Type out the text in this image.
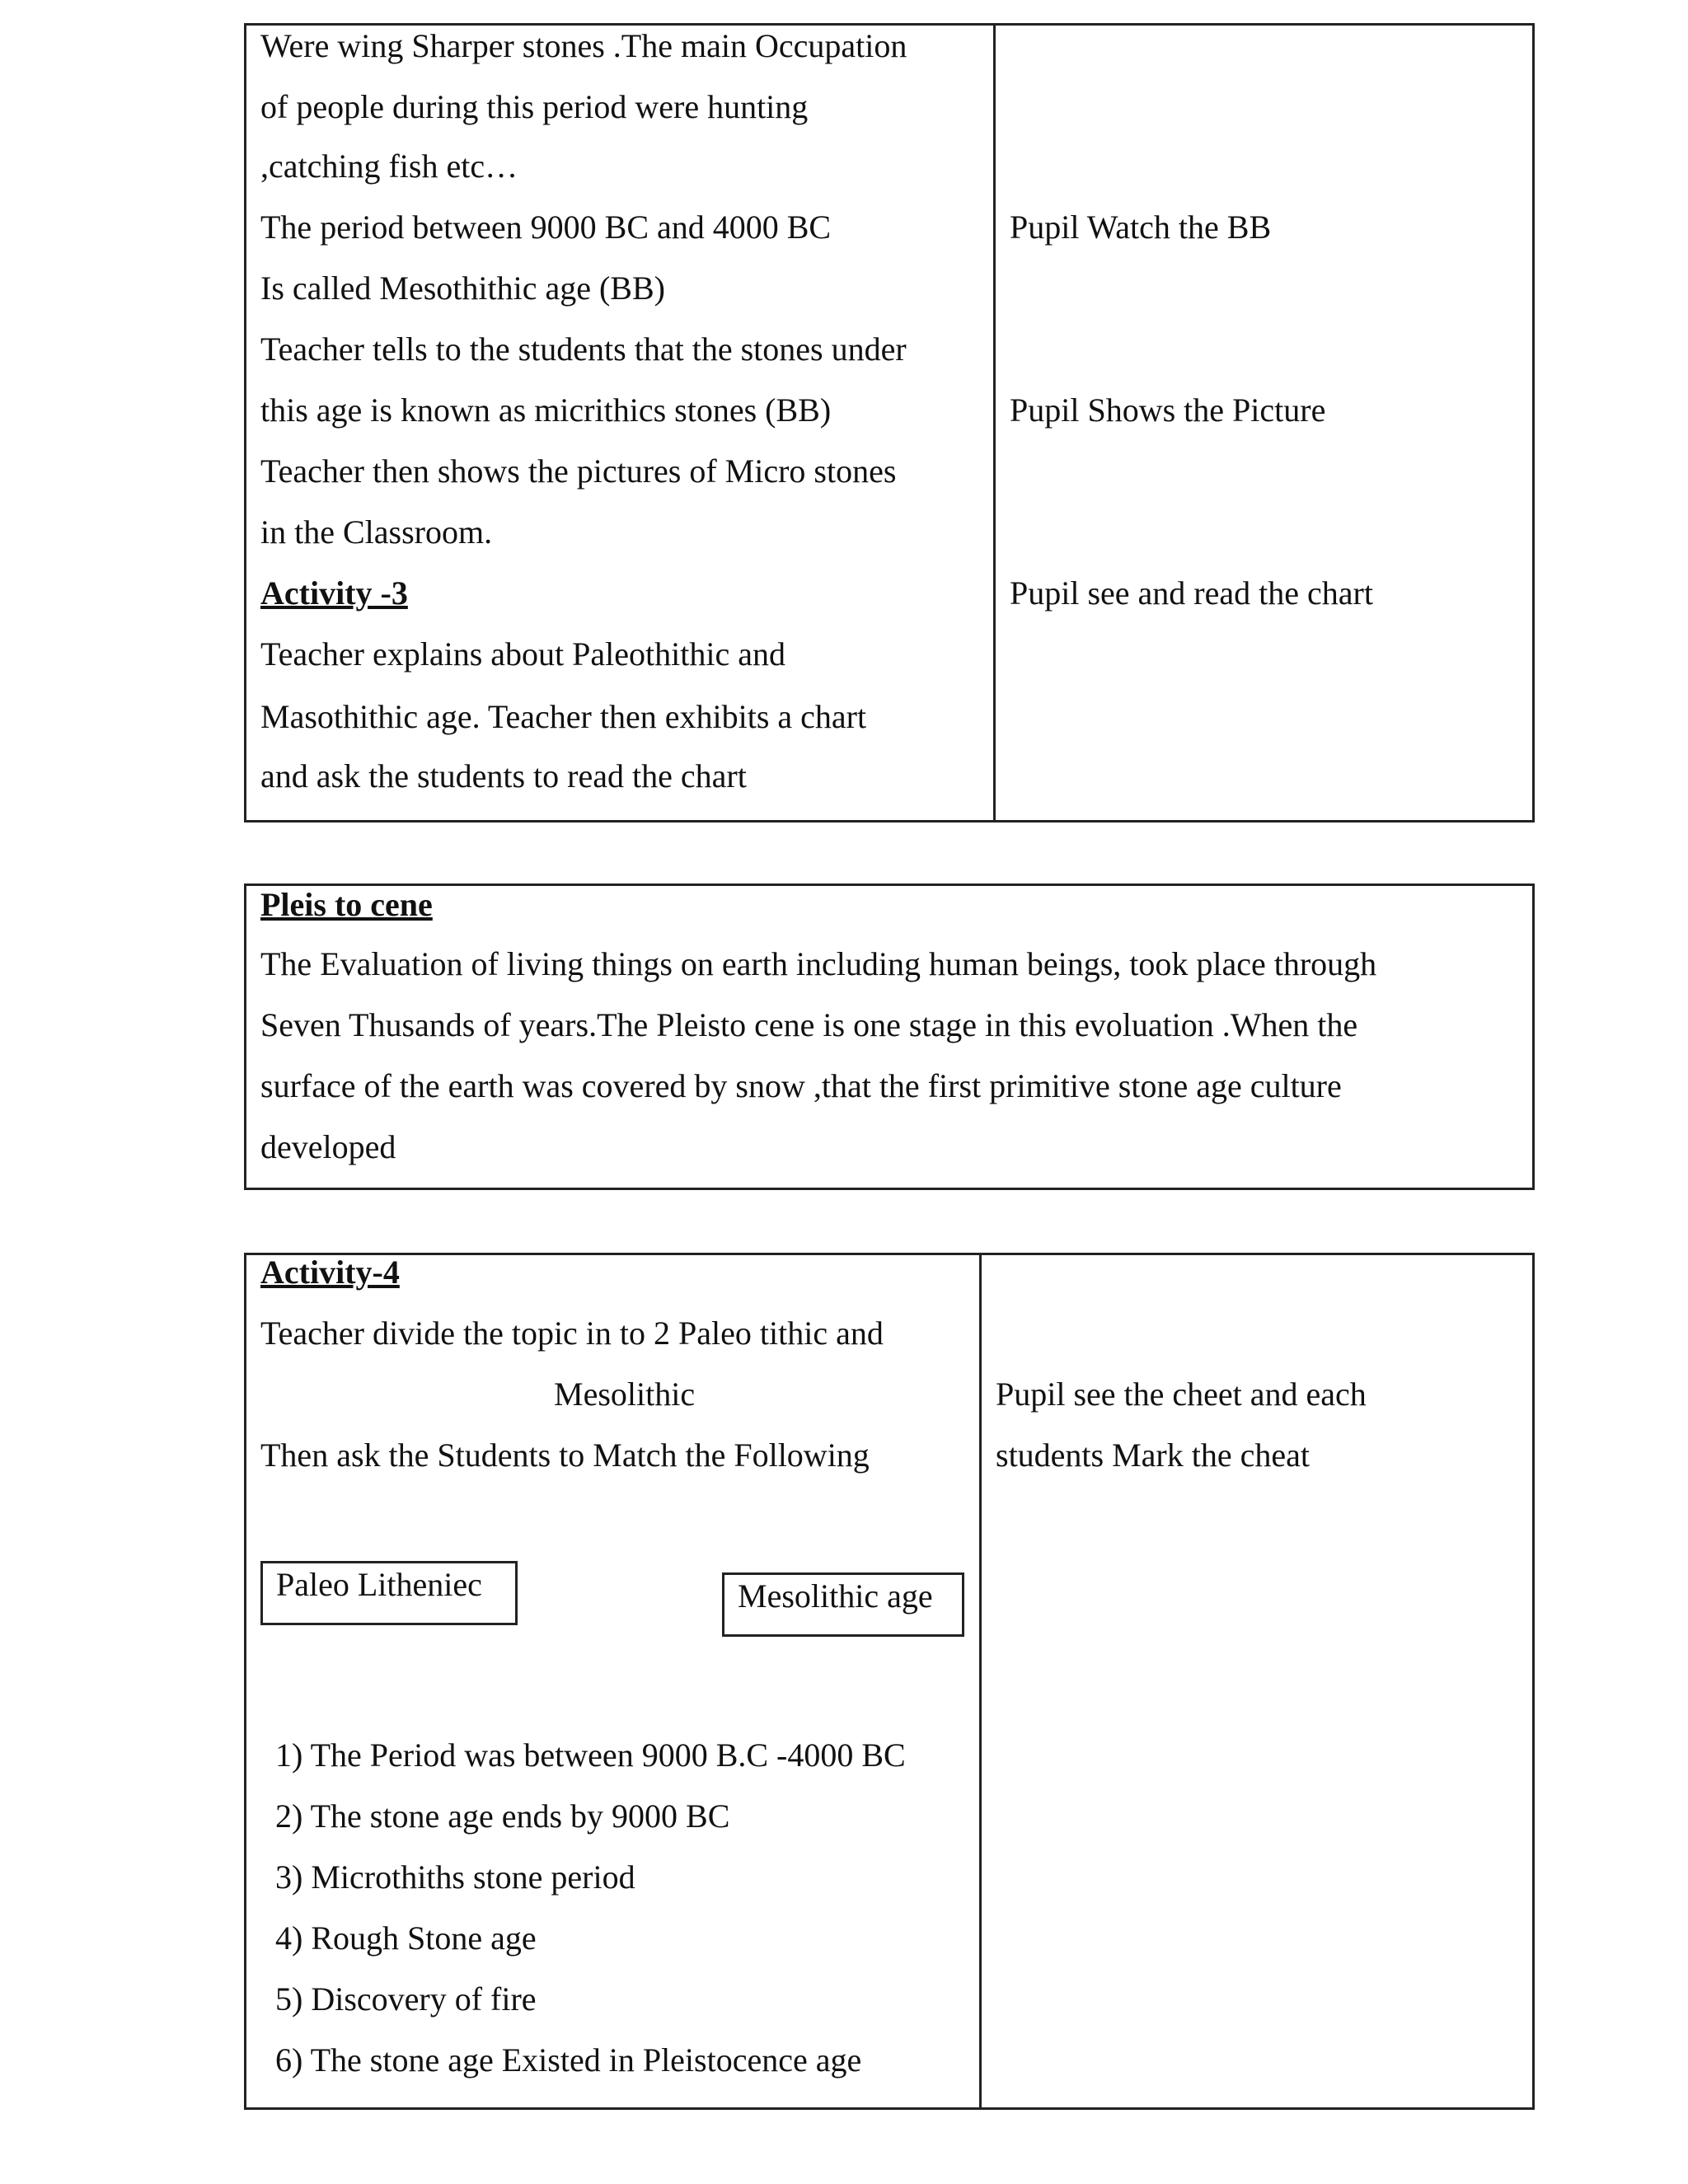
Were wing Sharper stones .The main Occupation
of people during this period were hunting
,catching fish etc…
The period between 9000 BC and 4000 BC
Is called Mesothithic age (BB)
Teacher tells to the students that the stones under
this age is known as micrithics stones (BB)
Teacher then shows the pictures of Micro stones
in the Classroom.
Activity -3
Teacher explains about Paleothithic and
Masothithic age. Teacher then exhibits a chart
and ask the students to read the chart
Pupil Watch the BB
Pupil Shows the Picture
Pupil see and read the chart
Pleis to cene
The Evaluation of living things on earth including human beings, took place through
Seven Thusands of years.The Pleisto cene is one stage in this evoluation .When the
surface of the earth was covered by snow ,that the first primitive stone age culture
developed
Activity-4
Teacher divide the topic in to 2 Paleo tithic and
Mesolithic
Then ask the Students to Match the Following
Paleo Litheniec	Mesolithic age
1) The Period was between 9000 B.C -4000 BC
2) The stone age ends by 9000 BC
3) Microthiths stone period
4) Rough Stone age
5) Discovery of fire
6) The stone age Existed in Pleistocence age
Pupil see the cheet and each
students Mark the cheat
